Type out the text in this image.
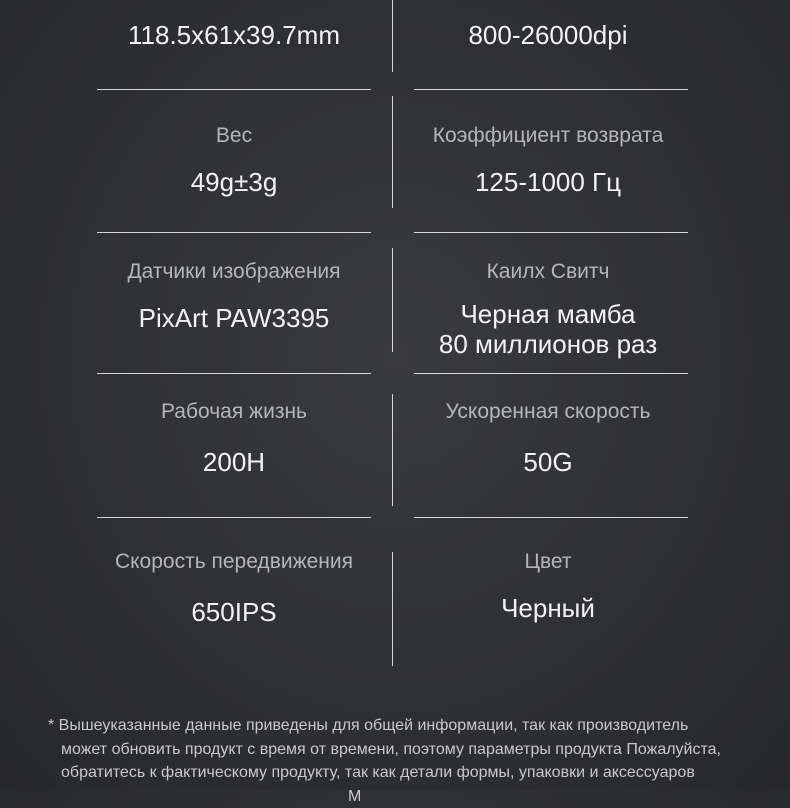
118.5x61x39.7mm	800-26000dpi
Вес
49g±3g
Коэффициент возврата
125-1000 Гц
Датчики изображения
PixArt PAW3395
Каилх Свитч
Черная мамба
80 миллионов раз
Рабочая жизнь
200H
Ускоренная скорость
50G
Скорость передвижения
650IPS
Цвет
Черный
* Вышеуказанные данные приведены для общей информации, так как производитель
может обновить продукт с время от времени, поэтому параметры продукта Пожалуйста,
обратитесь к фактическому продукту, так как детали формы, упаковки и аксессуаров
М
